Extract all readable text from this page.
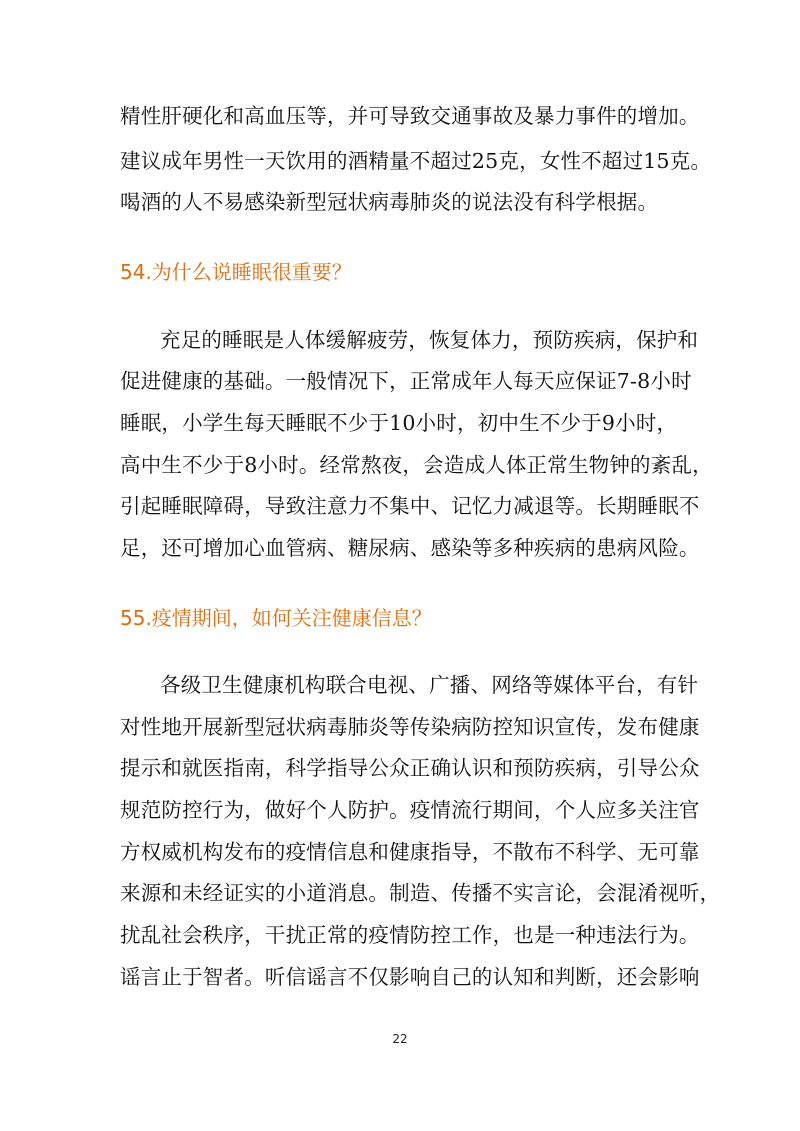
精性肝硬化和高血压等，并可导致交通事故及暴力事件的增加。
建议成年男性一天饮用的酒精量不超过25克，女性不超过15克。
喝酒的人不易感染新型冠状病毒肺炎的说法没有科学根据。
54.为什么说睡眠很重要？
充足的睡眠是人体缓解疲劳，恢复体力，预防疾病，保护和
促进健康的基础。一般情况下，正常成年人每天应保证7-8小时
睡眠，小学生每天睡眠不少于10小时，初中生不少于9小时，
高中生不少于8小时。经常熬夜，会造成人体正常生物钟的紊乱，
引起睡眠障碍，导致注意力不集中、记忆力减退等。长期睡眠不
足，还可增加心血管病、糖尿病、感染等多种疾病的患病风险。
55.疫情期间，如何关注健康信息？
各级卫生健康机构联合电视、广播、网络等媒体平台，有针
对性地开展新型冠状病毒肺炎等传染病防控知识宣传，发布健康
提示和就医指南，科学指导公众正确认识和预防疾病，引导公众
规范防控行为，做好个人防护。疫情流行期间，个人应多关注官
方权威机构发布的疫情信息和健康指导，不散布不科学、无可靠
来源和未经证实的小道消息。制造、传播不实言论，会混淆视听，
扰乱社会秩序，干扰正常的疫情防控工作，也是一种违法行为。
谣言止于智者。听信谣言不仅影响自己的认知和判断，还会影响
22
